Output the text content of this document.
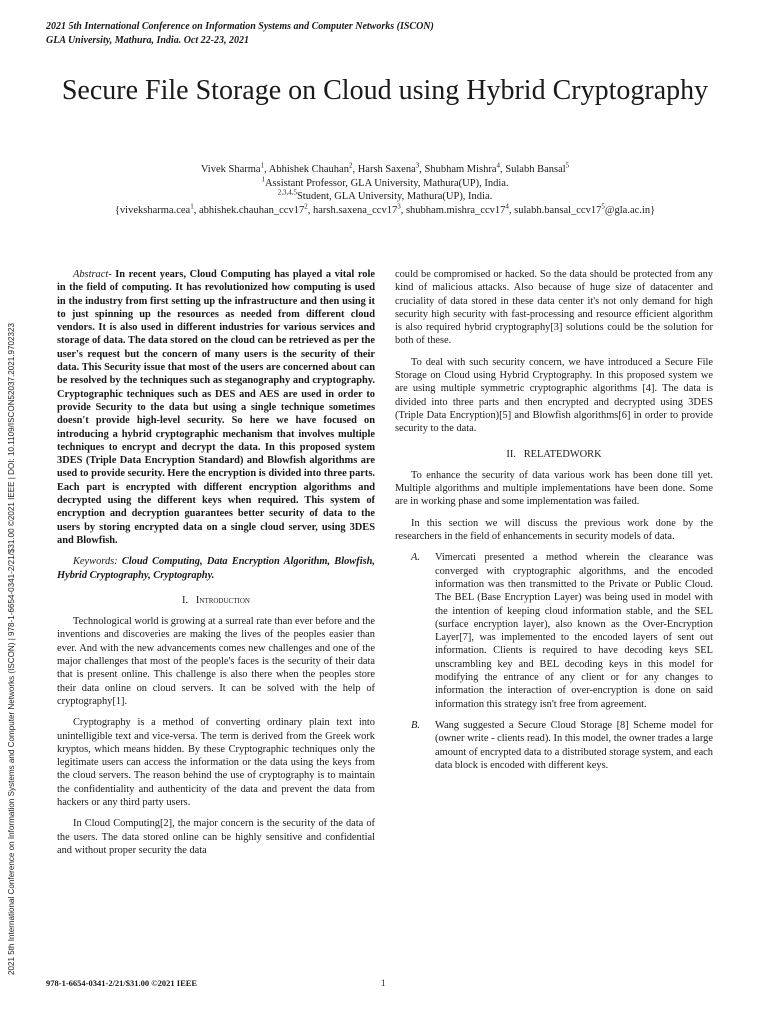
2021 5th International Conference on Information Systems and Computer Networks (ISCON)
GLA University, Mathura, India. Oct 22-23, 2021
Secure File Storage on Cloud using Hybrid Cryptography
Vivek Sharma$^1$, Abhishek Chauhan$^2$, Harsh Saxena$^3$, Shubham Mishra$^4$, Sulabh Bansal$^5$
$^1$Assistant Professor, GLA University, Mathura(UP), India.
$^{2,3,4,5}$Student, GLA University, Mathura(UP), India.
{viveksharma.cea$^1$, $abhishek.chauhan\_ccv17^2$, $harsh.saxena\_ccv17^3$, $shubham.mishra\_ccv17^4$, $sulabh.bansal\_ccv17^5@gla.ac.in$}
2021 5th International Conference on Information Systems and Computer Networks (ISCON) | 978-1-6654-0341-2/21/$31.00 ©2021 IEEE | DOI: 10.1109/ISCON52037.2021.9702323

Abstract- In recent years, Cloud Computing has played a vital role in the field of computing. It has revolutionized how computing is used in the industry from first setting up the infrastructure and then using it to just spinning up the resources as needed from different cloud vendors. It is also used in different industries for various services and storage of data. The data stored on the cloud can be retrieved as per the user's request but the concern of many users is the security of their data. This Security issue that most of the users are concerned about can be resolved by the techniques such as steganography and cryptography. Cryptographic techniques such as DES and AES are used in order to provide Security to the data but using a single technique sometimes doesn't provide high-level security. So here we have focused on introducing a hybrid cryptographic mechanism that involves multiple techniques to encrypt and decrypt the data. In this proposed system 3DES (Triple Data Encryption Standard) and Blowfish algorithms are used to provide security. Here the encryption is divided into three parts. Each part is encrypted with different encryption algorithms and decrypted using the different keys when required. This system of encryption and decryption guarantees better security of data to the users by storing encrypted data on a single cloud server, using 3DES and Blowfish.

Keywords: Cloud Computing, Data Encryption Algorithm, Blowfish, Hybrid Cryptography, Cryptography.

I. Introduction

Technological world is growing at a surreal rate than ever before and the inventions and discoveries are making the lives of the peoples easier than ever. And with the new advancements comes new challenges and one of the major challenges that most of the people's faces is the security of their data that is present online. This challenge is also there when the peoples store their data online on cloud servers. It can be solved with the help of cryptography[1].

Cryptography is a method of converting ordinary plain text into unintelligible text and vice-versa. The term is derived from the Greek work kryptos, which means hidden. By these Cryptographic techniques only the legitimate users can access the information or the data using the keys from the cloud servers. The reason behind the use of cryptography is to maintain the confidentiality and authenticity of the data and prevent the data from hackers or any third party users.

In Cloud Computing[2], the major concern is the security of the data of the users. The data stored online can be highly sensitive and confidential and without proper security the data

could be compromised or hacked. So the data should be protected from any kind of malicious attacks. Also because of huge size of datacenter and cruciality of data stored in these data center it's not only demand for high security high security with fast-processing and resource efficient algorithm is also required hybrid cryptography[3] solutions could be the solution for both of these.

To deal with such security concern, we have introduced a Secure File Storage on Cloud using Hybrid Cryptography. In this proposed system we are using multiple symmetric cryptographic algorithms [4]. The data is divided into three parts and then encrypted and decrypted using 3DES (Triple Data Encryption)[5] and Blowfish algorithms[6] in order to provide security to the data.

II. RELATEDWORK

To enhance the security of data various work has been done till yet. Multiple algorithms and multiple implementations have been done. Some are in working phase and some implementation was failed.

In this section we will discuss the previous work done by the researchers in the field of enhancements in security models of data.

A. Vimercati presented a method wherein the clearance was converged with cryptographic algorithms, and the encoded information was then transmitted to the Private or Public Cloud. The BEL (Base Encryption Layer) was being used in model with the intention of keeping cloud information stable, and the SEL (surface encryption layer), also known as the Over-Encryption Layer[7], was implemented to the encoded layers of sent out information. Clients is required to have decoding keys SEL unscrambling key and BEL decoding keys in this model for modifying the entrance of any client or for any changes to information the interaction of over-encryption is done on said information this strategy isn't free from agreement.
B. Wang suggested a Secure Cloud Storage [8] Scheme model for (owner write - clients read). In this model, the owner trades a large amount of encrypted data to a distributed storage system, and each data block is encoded with different keys.
978-1-6654-0341-2/21/$31.00 ©2021 IEEE	1
